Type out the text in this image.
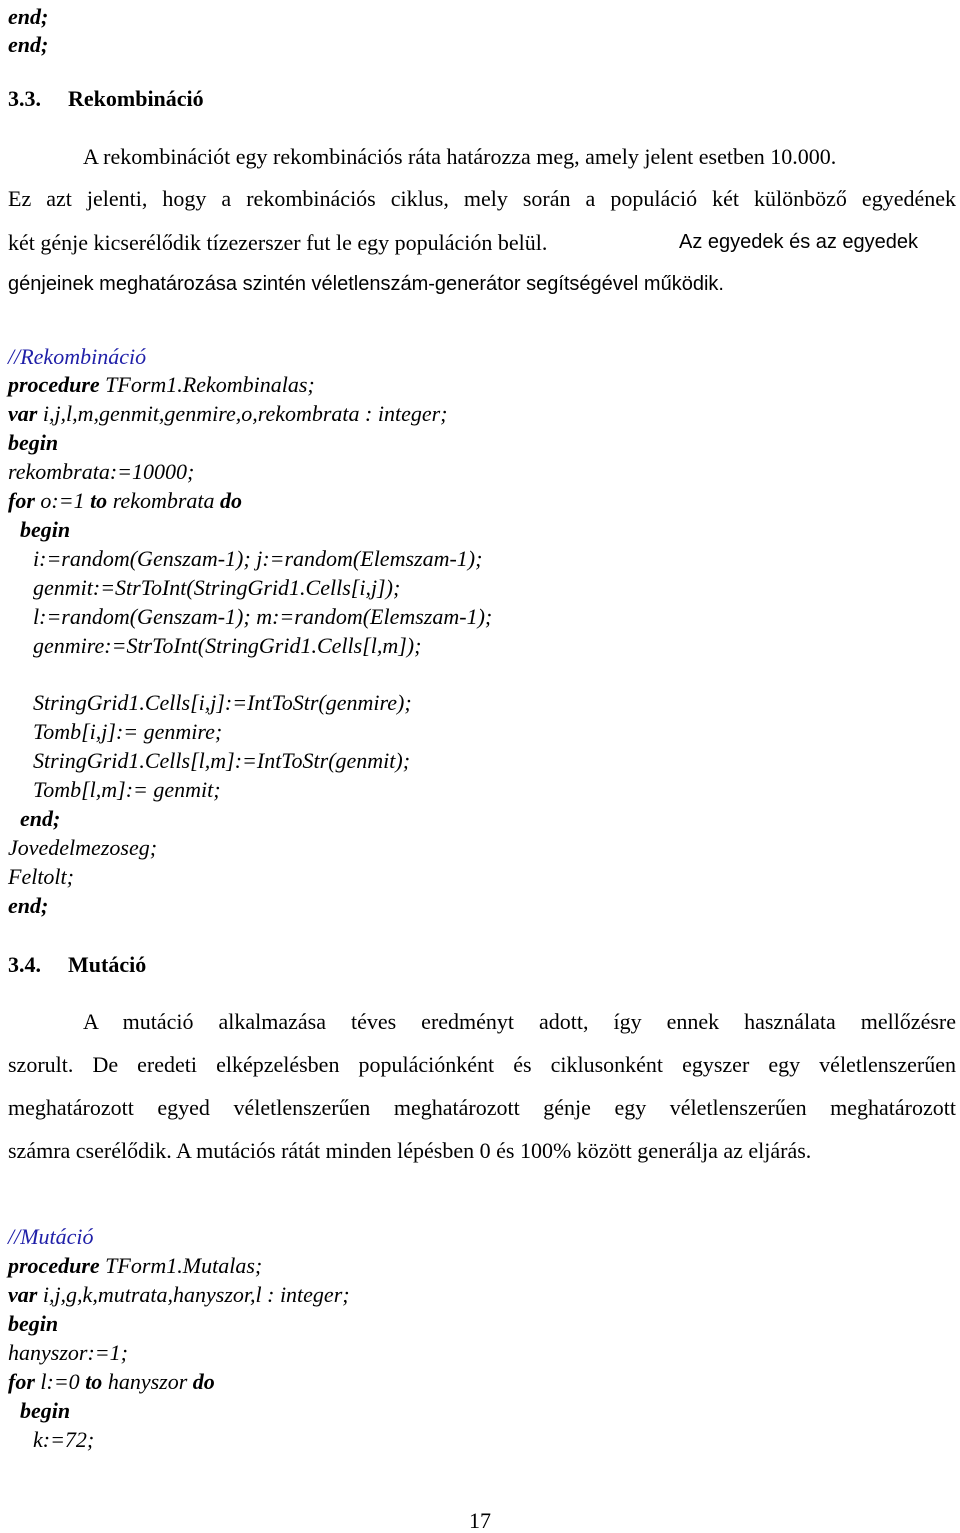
end;
end;
3.3. Rekombináció
A rekombinációt egy rekombinációs ráta határozza meg, amely jelent esetben 10.000.
Ez azt jelenti, hogy a rekombinációs ciklus, mely során a populáció két különböző egyedének
két génje kicserélődik tízezerszer fut le egy populáción belül.	Az egyedek és az egyedek
génjeinek meghatározása szintén véletlenszám-generátor segítségével működik.
//Rekombináció
procedure TForm1.Rekombinalas;
var i,j,l,m,genmit,genmire,o,rekombrata : integer;
begin
rekombrata:=10000;
for o:=1 to rekombrata do
begin
i:=random(Genszam-1); j:=random(Elemszam-1);
genmit:=StrToInt(StringGrid1.Cells[i,j]);
l:=random(Genszam-1); m:=random(Elemszam-1);
genmire:=StrToInt(StringGrid1.Cells[l,m]);
StringGrid1.Cells[i,j]:=IntToStr(genmire);
Tomb[i,j]:= genmire;
StringGrid1.Cells[l,m]:=IntToStr(genmit);
Tomb[l,m]:= genmit;
end;
Jovedelmezoseg;
Feltolt;
end;
3.4. Mutáció
A mutáció alkalmazása téves eredményt adott, így ennek használata mellőzésre
szorult. De eredeti elképzelésben populációnként és ciklusonként egyszer egy véletlenszerűen
meghatározott egyed véletlenszerűen meghatározott génje egy véletlenszerűen meghatározott
számra cserélődik. A mutációs rátát minden lépésben 0 és 100% között generálja az eljárás.
//Mutáció
procedure TForm1.Mutalas;
var i,j,g,k,mutrata,hanyszor,l : integer;
begin
hanyszor:=1;
for l:=0 to hanyszor do
begin
k:=72;
17
